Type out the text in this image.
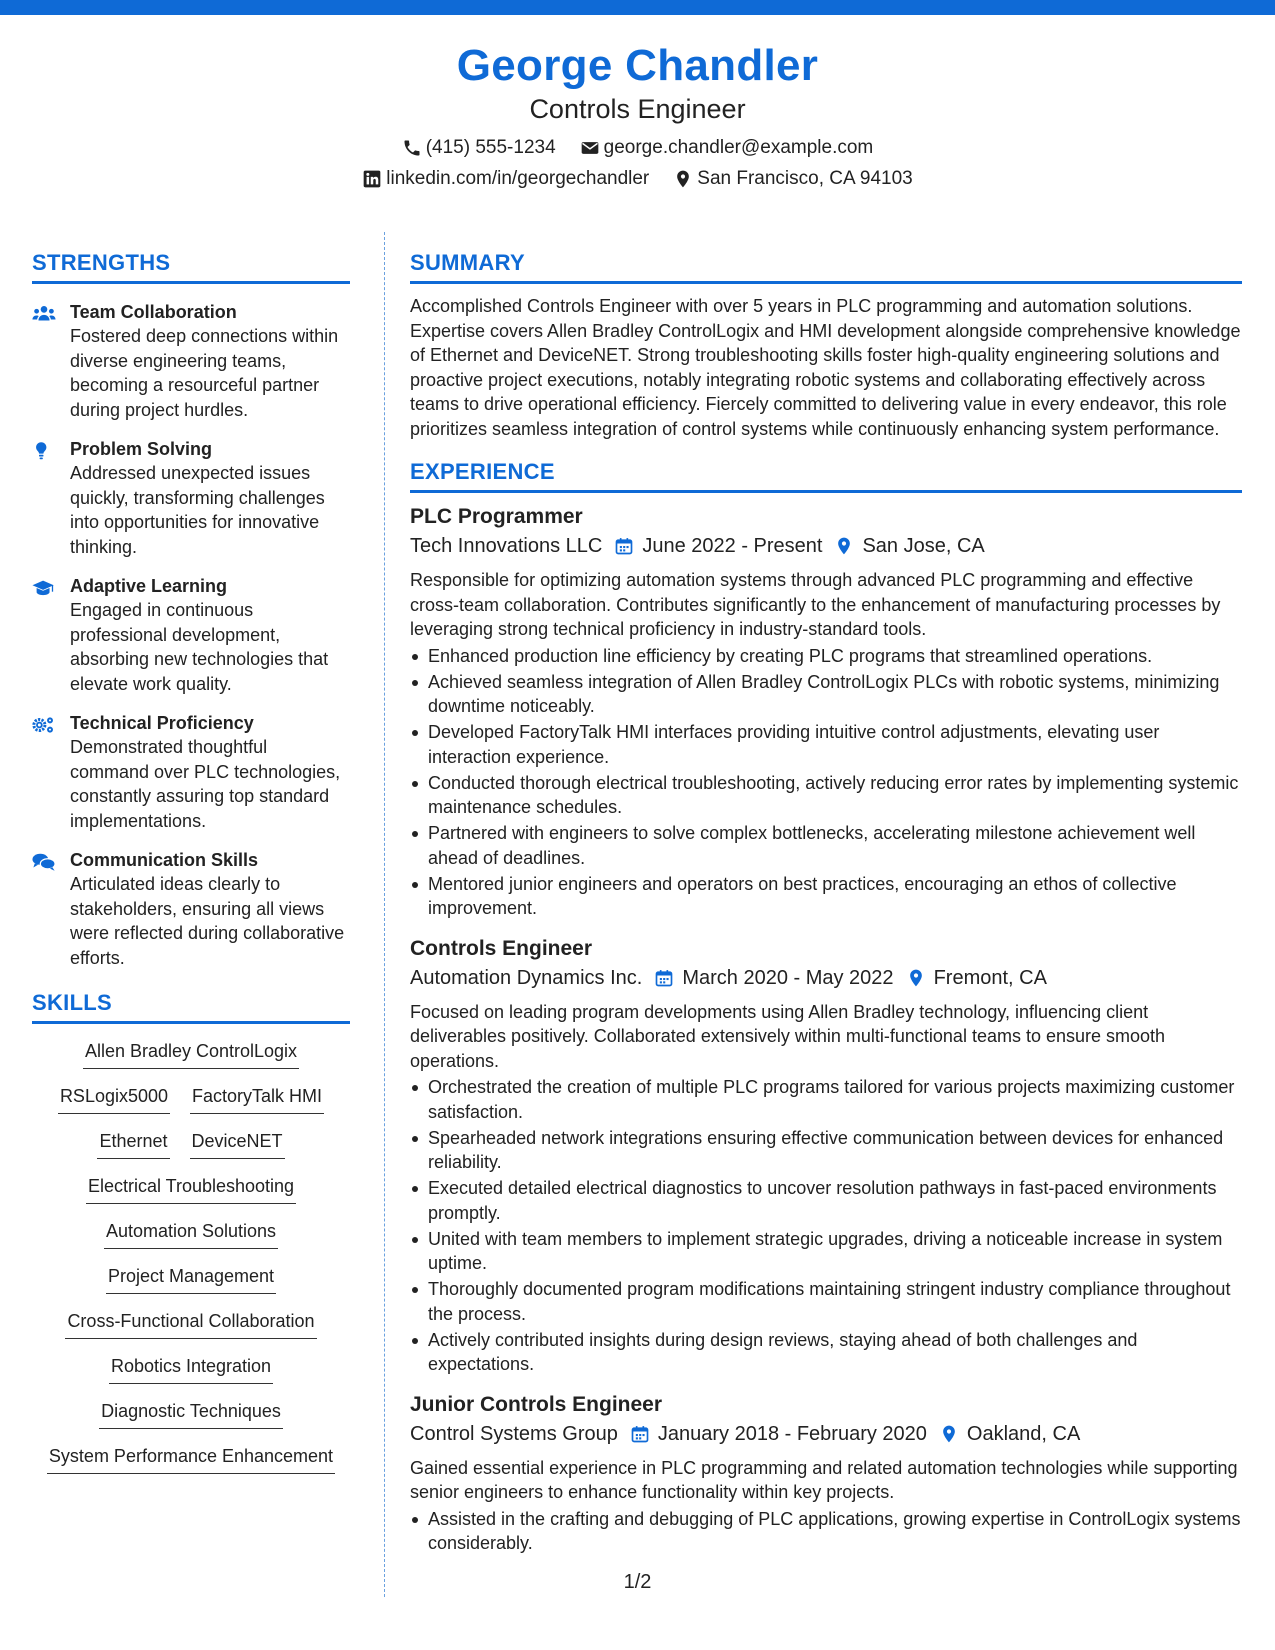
George Chandler
Controls Engineer
(415) 555-1234	george.chandler@example.com
linkedin.com/in/georgechandler	San Francisco, CA 94103
STRENGTHS
Team Collaboration
Fostered deep connections within diverse engineering teams, becoming a resourceful partner during project hurdles.
Problem Solving
Addressed unexpected issues quickly, transforming challenges into opportunities for innovative thinking.
Adaptive Learning
Engaged in continuous professional development, absorbing new technologies that elevate work quality.
Technical Proficiency
Demonstrated thoughtful command over PLC technologies, constantly assuring top standard implementations.
Communication Skills
Articulated ideas clearly to stakeholders, ensuring all views were reflected during collaborative efforts.
SKILLS
Allen Bradley ControlLogix
RSLogix5000 FactoryTalk HMI
Ethernet DeviceNET
Electrical Troubleshooting
Automation Solutions
Project Management
Cross-Functional Collaboration
Robotics Integration
Diagnostic Techniques
System Performance Enhancement
SUMMARY
Accomplished Controls Engineer with over 5 years in PLC programming and automation solutions. Expertise covers Allen Bradley ControlLogix and HMI development alongside comprehensive knowledge of Ethernet and DeviceNET. Strong troubleshooting skills foster high-quality engineering solutions and proactive project executions, notably integrating robotic systems and collaborating effectively across teams to drive operational efficiency. Fiercely committed to delivering value in every endeavor, this role prioritizes seamless integration of control systems while continuously enhancing system performance.
EXPERIENCE
PLC Programmer
Tech Innovations LLC June 2022 - Present San Jose, CA
Responsible for optimizing automation systems through advanced PLC programming and effective cross-team collaboration. Contributes significantly to the enhancement of manufacturing processes by leveraging strong technical proficiency in industry-standard tools.
Enhanced production line efficiency by creating PLC programs that streamlined operations.
Achieved seamless integration of Allen Bradley ControlLogix PLCs with robotic systems, minimizing downtime noticeably.
Developed FactoryTalk HMI interfaces providing intuitive control adjustments, elevating user interaction experience.
Conducted thorough electrical troubleshooting, actively reducing error rates by implementing systemic maintenance schedules.
Partnered with engineers to solve complex bottlenecks, accelerating milestone achievement well ahead of deadlines.
Mentored junior engineers and operators on best practices, encouraging an ethos of collective improvement.
Controls Engineer
Automation Dynamics Inc. March 2020 - May 2022 Fremont, CA
Focused on leading program developments using Allen Bradley technology, influencing client deliverables positively. Collaborated extensively within multi-functional teams to ensure smooth operations.
Orchestrated the creation of multiple PLC programs tailored for various projects maximizing customer satisfaction.
Spearheaded network integrations ensuring effective communication between devices for enhanced reliability.
Executed detailed electrical diagnostics to uncover resolution pathways in fast-paced environments promptly.
United with team members to implement strategic upgrades, driving a noticeable increase in system uptime.
Thoroughly documented program modifications maintaining stringent industry compliance throughout the process.
Actively contributed insights during design reviews, staying ahead of both challenges and expectations.
Junior Controls Engineer
Control Systems Group January 2018 - February 2020 Oakland, CA
Gained essential experience in PLC programming and related automation technologies while supporting senior engineers to enhance functionality within key projects.
Assisted in the crafting and debugging of PLC applications, growing expertise in ControlLogix systems considerably.
1/2
